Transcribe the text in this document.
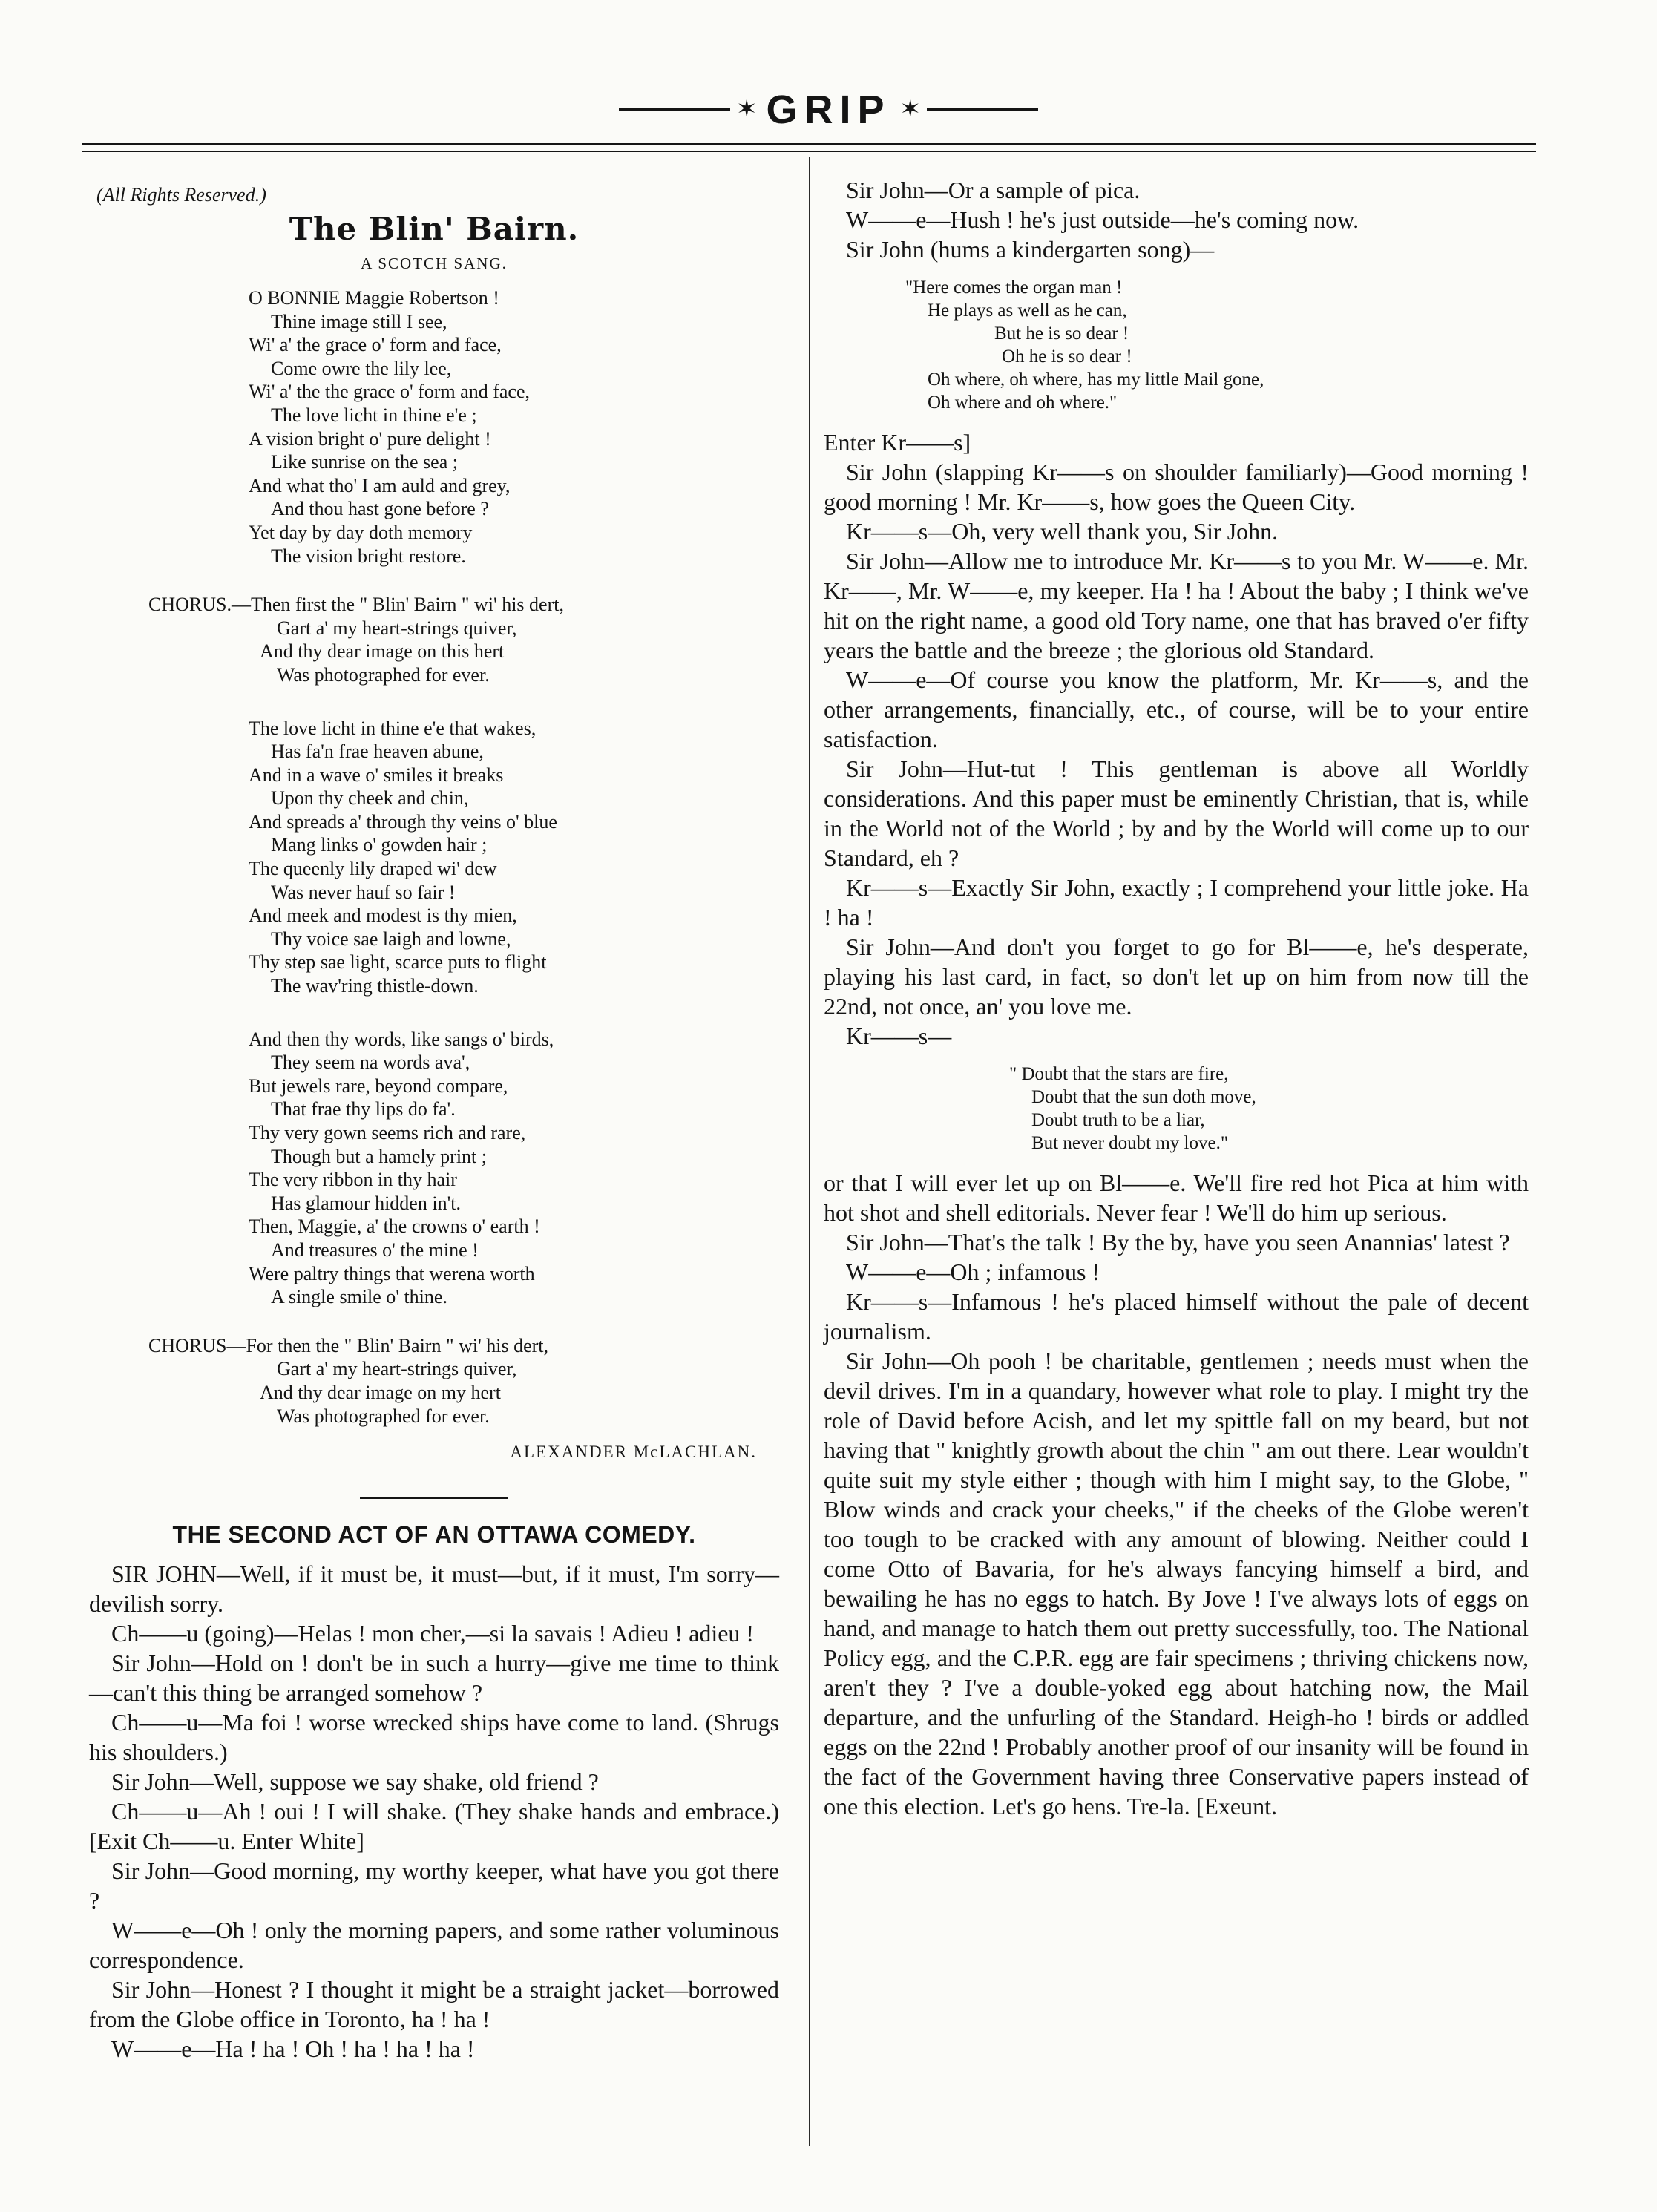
✶ GRIP ✶
(All Rights Reserved.)
The Blin' Bairn.
A SCOTCH SANG.
O BONNIE Maggie Robertson !
Thine image still I see,
Wi' a' the grace o' form and face,
Come owre the lily lee,
Wi' a' the the grace o' form and face,
The love licht in thine e'e ;
A vision bright o' pure delight !
Like sunrise on the sea ;
And what tho' I am auld and grey,
And thou hast gone before ?
Yet day by day doth memory
The vision bright restore.
CHORUS.—Then first the " Blin' Bairn " wi' his dert,
Gart a' my heart-strings quiver,
And thy dear image on this hert
Was photographed for ever.
The love licht in thine e'e that wakes,
Has fa'n frae heaven abune,
And in a wave o' smiles it breaks
Upon thy cheek and chin,
And spreads a' through thy veins o' blue
Mang links o' gowden hair ;
The queenly lily draped wi' dew
Was never hauf so fair !
And meek and modest is thy mien,
Thy voice sae laigh and lowne,
Thy step sae light, scarce puts to flight
The wav'ring thistle-down.
And then thy words, like sangs o' birds,
They seem na words ava',
But jewels rare, beyond compare,
That frae thy lips do fa'.
Thy very gown seems rich and rare,
Though but a hamely print ;
The very ribbon in thy hair
Has glamour hidden in't.
Then, Maggie, a' the crowns o' earth !
And treasures o' the mine !
Were paltry things that werena worth
A single smile o' thine.
CHORUS—For then the " Blin' Bairn " wi' his dert,
Gart a' my heart-strings quiver,
And thy dear image on my hert
Was photographed for ever.
ALEXANDER McLACHLAN.
THE SECOND ACT OF AN OTTAWA COMEDY.

SIR JOHN—Well, if it must be, it must—but, if it must, I'm sorry—devilish sorry.

Ch——u (going)—Helas ! mon cher,—si la savais ! Adieu ! adieu !

Sir John—Hold on ! don't be in such a hurry—give me time to think—can't this thing be arranged somehow ?

Ch——u—Ma foi ! worse wrecked ships have come to land. (Shrugs his shoulders.)

Sir John—Well, suppose we say shake, old friend ?

Ch——u—Ah ! oui ! I will shake. (They shake hands and embrace.) [Exit Ch——u. Enter White]

Sir John—Good morning, my worthy keeper, what have you got there ?

W——e—Oh ! only the morning papers, and some rather voluminous correspondence.

Sir John—Honest ? I thought it might be a straight jacket—borrowed from the Globe office in Toronto, ha ! ha !

W——e—Ha ! ha ! Oh ! ha ! ha ! ha !

Sir John—Or a sample of pica.

W——e—Hush ! he's just outside—he's coming now.

Sir John (hums a kindergarten song)—

"Here comes the organ man !
He plays as well as he can,
But he is so dear !
Oh he is so dear !
Oh where, oh where, has my little Mail gone,
Oh where and oh where."

Enter Kr——s]

Sir John (slapping Kr——s on shoulder familiarly)—Good morning ! good morning ! Mr. Kr——s, how goes the Queen City.

Kr——s—Oh, very well thank you, Sir John.

Sir John—Allow me to introduce Mr. Kr——s to you Mr. W——e. Mr. Kr——, Mr. W——e, my keeper. Ha ! ha ! About the baby ; I think we've hit on the right name, a good old Tory name, one that has braved o'er fifty years the battle and the breeze ; the glorious old Standard.

W——e—Of course you know the platform, Mr. Kr——s, and the other arrangements, financially, etc., of course, will be to your entire satisfaction.

Sir John—Hut-tut ! This gentleman is above all Worldly considerations. And this paper must be eminently Christian, that is, while in the World not of the World ; by and by the World will come up to our Standard, eh ?

Kr——s—Exactly Sir John, exactly ; I comprehend your little joke. Ha ! ha !

Sir John—And don't you forget to go for Bl——e, he's desperate, playing his last card, in fact, so don't let up on him from now till the 22nd, not once, an' you love me.

Kr——s—

" Doubt that the stars are fire,
Doubt that the sun doth move,
Doubt truth to be a liar,
But never doubt my love."

or that I will ever let up on Bl——e. We'll fire red hot Pica at him with hot shot and shell editorials. Never fear ! We'll do him up serious.

Sir John—That's the talk ! By the by, have you seen Anannias' latest ?

W——e—Oh ; infamous !

Kr——s—Infamous ! he's placed himself without the pale of decent journalism.

Sir John—Oh pooh ! be charitable, gentlemen ; needs must when the devil drives. I'm in a quandary, however what role to play. I might try the role of David before Acish, and let my spittle fall on my beard, but not having that " knightly growth about the chin " am out there. Lear wouldn't quite suit my style either ; though with him I might say, to the Globe, " Blow winds and crack your cheeks," if the cheeks of the Globe weren't too tough to be cracked with any amount of blowing. Neither could I come Otto of Bavaria, for he's always fancying himself a bird, and bewailing he has no eggs to hatch. By Jove ! I've always lots of eggs on hand, and manage to hatch them out pretty successfully, too. The National Policy egg, and the C.P.R. egg are fair specimens ; thriving chickens now, aren't they ? I've a double-yoked egg about hatching now, the Mail departure, and the unfurling of the Standard. Heigh-ho ! birds or addled eggs on the 22nd ! Probably another proof of our insanity will be found in the fact of the Government having three Conservative papers instead of one this election. Let's go hens. Tre-la. [Exeunt.
